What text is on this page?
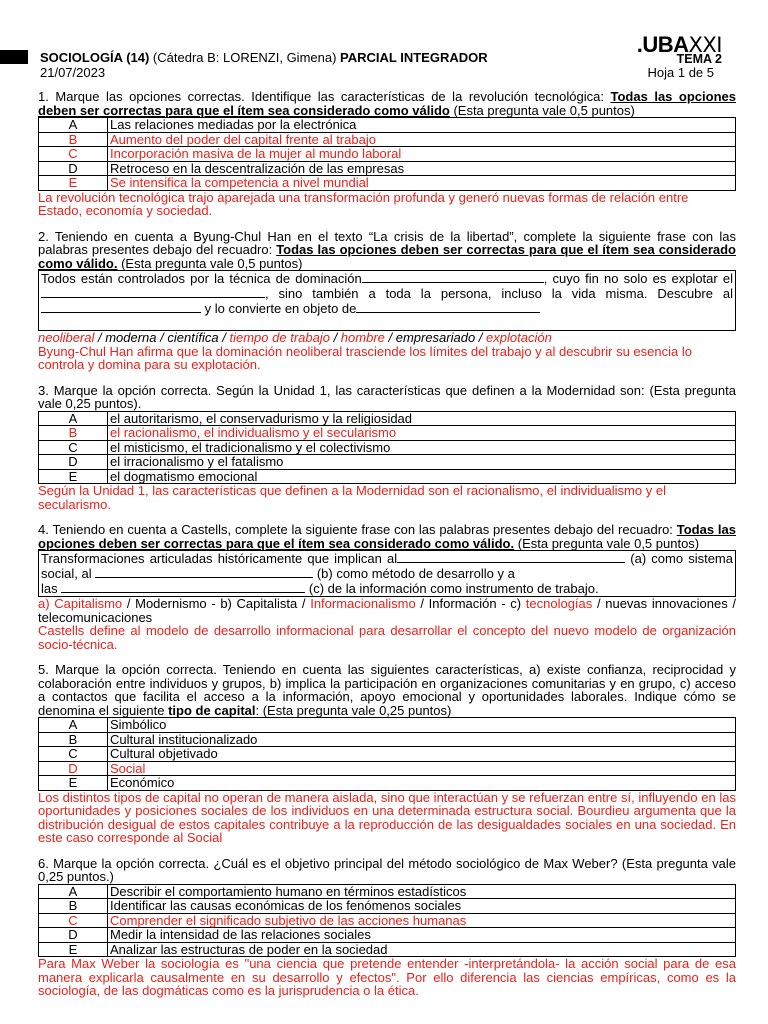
SOCIOLOGÍA (14) (Cátedra B: LORENZI, Gimena) PARCIAL INTEGRADOR
21/07/2023
.UBAXXI
TEMA 2
Hoja 1 de 5
1. Marque las opciones correctas. Identifique las características de la revolución tecnológica: Todas las opciones deben ser correctas para que el ítem sea considerado como válido (Esta pregunta vale 0,5 puntos)
A	Las relaciones mediadas por la electrónica
B	Aumento del poder del capital frente al trabajo
C	Incorporación masiva de la mujer al mundo laboral
D	Retroceso en la descentralización de las empresas
E	Se intensifica la competencia a nivel mundial
La revolución tecnológica trajo aparejada una transformación profunda y generó nuevas formas de relación entre Estado, economía y sociedad.
2. Teniendo en cuenta a Byung-Chul Han en el texto “La crisis de la libertad”, complete la siguiente frase con las palabras presentes debajo del recuadro: Todas las opciones deben ser correctas para que el ítem sea considerado como válido. (Esta pregunta vale 0,5 puntos)
Todos están controlados por la técnica de dominación	, cuyo fin no solo es explotar el
, sino también a toda la persona, incluso la vida misma. Descubre al
y lo convierte en objeto de
neoliberal / moderna / científica / tiempo de trabajo / hombre / empresariado / explotación
Byung-Chul Han afirma que la dominación neoliberal trasciende los límites del trabajo y al descubrir su esencia lo controla y domina para su explotación.
3. Marque la opción correcta. Según la Unidad 1, las características que definen a la Modernidad son: (Esta pregunta vale 0,25 puntos).
A	el autoritarismo, el conservadurismo y la religiosidad
B	el racionalismo, el individualismo y el secularismo
C	el misticismo, el tradicionalismo y el colectivismo
D	el irracionalismo y el fatalismo
E	el dogmatismo emocional
Según la Unidad 1, las características que definen a la Modernidad son el racionalismo, el individualismo y el secularismo.
4. Teniendo en cuenta a Castells, complete la siguiente frase con las palabras presentes debajo del recuadro: Todas las opciones deben ser correctas para que el ítem sea considerado como válido. (Esta pregunta vale 0,5 puntos)
Transformaciones articuladas históricamente que implican al	(a) como sistema
social, al	(b) como método de desarrollo y a
las	(c) de la información como instrumento de trabajo.
a) Capitalismo / Modernismo - b) Capitalista / Informacionalismo / Información - c) tecnologías / nuevas innovaciones / telecomunicaciones
Castells define al modelo de desarrollo informacional para desarrollar el concepto del nuevo modelo de organización socio-técnica.
5. Marque la opción correcta. Teniendo en cuenta las siguientes características, a) existe confianza, reciprocidad y colaboración entre individuos y grupos, b) implica la participación en organizaciones comunitarias y en grupo, c) acceso a contactos que facilita el acceso a la información, apoyo emocional y oportunidades laborales. Indique cómo se denomina el siguiente tipo de capital: (Esta pregunta vale 0,25 puntos)
A	Simbólico
B	Cultural institucionalizado
C	Cultural objetivado
D	Social
E	Económico
Los distintos tipos de capital no operan de manera aislada, sino que interactúan y se refuerzan entre sí, influyendo en las oportunidades y posiciones sociales de los individuos en una determinada estructura social. Bourdieu argumenta que la distribución desigual de estos capitales contribuye a la reproducción de las desigualdades sociales en una sociedad. En este caso corresponde al Social
6. Marque la opción correcta. ¿Cuál es el objetivo principal del método sociológico de Max Weber? (Esta pregunta vale 0,25 puntos.)
A	Describir el comportamiento humano en términos estadísticos
B	Identificar las causas económicas de los fenómenos sociales
C	Comprender el significado subjetivo de las acciones humanas
D	Medir la intensidad de las relaciones sociales
E	Analizar las estructuras de poder en la sociedad
Para Max Weber la sociología es "una ciencia que pretende entender -interpretándola- la acción social para de esa manera explicarla causalmente en su desarrollo y efectos". Por ello diferencia las ciencias empíricas, como es la sociología, de las dogmáticas como es la jurisprudencia o la ética.
